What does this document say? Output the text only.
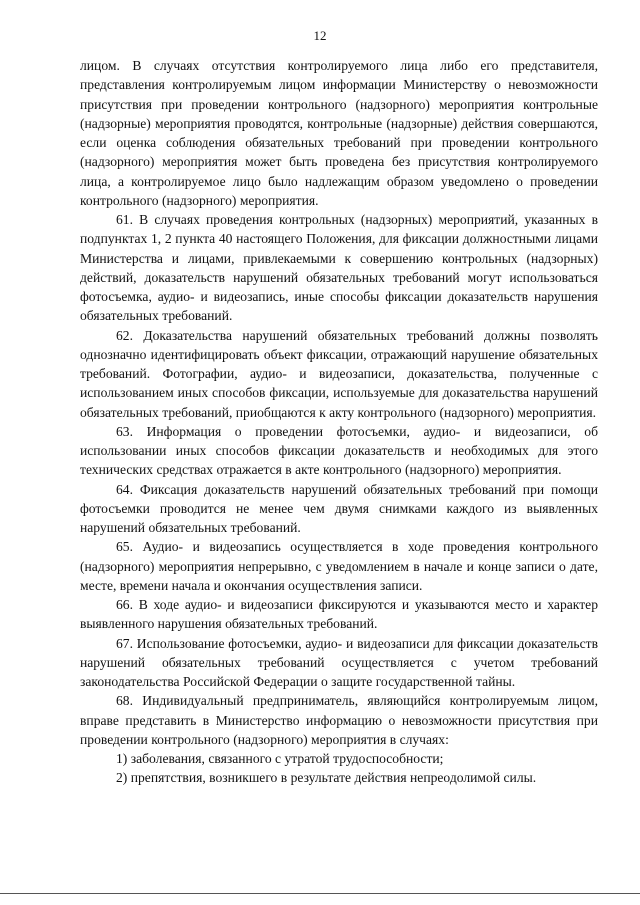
12

лицом. В случаях отсутствия контролируемого лица либо его представителя, представления контролируемым лицом информации Министерству о невозможности присутствия при проведении контрольного (надзорного) мероприятия контрольные (надзорные) мероприятия проводятся, контрольные (надзорные) действия совершаются, если оценка соблюдения обязательных требований при проведении контрольного (надзорного) мероприятия может быть проведена без присутствия контролируемого лица, а контролируемое лицо было надлежащим образом уведомлено о проведении контрольного (надзорного) мероприятия.

61. В случаях проведения контрольных (надзорных) мероприятий, указанных в подпунктах 1, 2 пункта 40 настоящего Положения, для фиксации должностными лицами Министерства и лицами, привлекаемыми к совершению контрольных (надзорных) действий, доказательств нарушений обязательных требований могут использоваться фотосъемка, аудио- и видеозапись, иные способы фиксации доказательств нарушения обязательных требований.

62. Доказательства нарушений обязательных требований должны позволять однозначно идентифицировать объект фиксации, отражающий нарушение обязательных требований. Фотографии, аудио- и видеозаписи, доказательства, полученные с использованием иных способов фиксации, используемые для доказательства нарушений обязательных требований, приобщаются к акту контрольного (надзорного) мероприятия.

63. Информация о проведении фотосъемки, аудио- и видеозаписи, об использовании иных способов фиксации доказательств и необходимых для этого технических средствах отражается в акте контрольного (надзорного) мероприятия.

64. Фиксация доказательств нарушений обязательных требований при помощи фотосъемки проводится не менее чем двумя снимками каждого из выявленных нарушений обязательных требований.

65. Аудио- и видеозапись осуществляется в ходе проведения контрольного (надзорного) мероприятия непрерывно, с уведомлением в начале и конце записи о дате, месте, времени начала и окончания осуществления записи.

66. В ходе аудио- и видеозаписи фиксируются и указываются место и характер выявленного нарушения обязательных требований.

67. Использование фотосъемки, аудио- и видеозаписи для фиксации доказательств нарушений обязательных требований осуществляется с учетом требований законодательства Российской Федерации о защите государственной тайны.

68. Индивидуальный предприниматель, являющийся контролируемым лицом, вправе представить в Министерство информацию о невозможности присутствия при проведении контрольного (надзорного) мероприятия в случаях:

1) заболевания, связанного с утратой трудоспособности;

2) препятствия, возникшего в результате действия непреодолимой силы.
